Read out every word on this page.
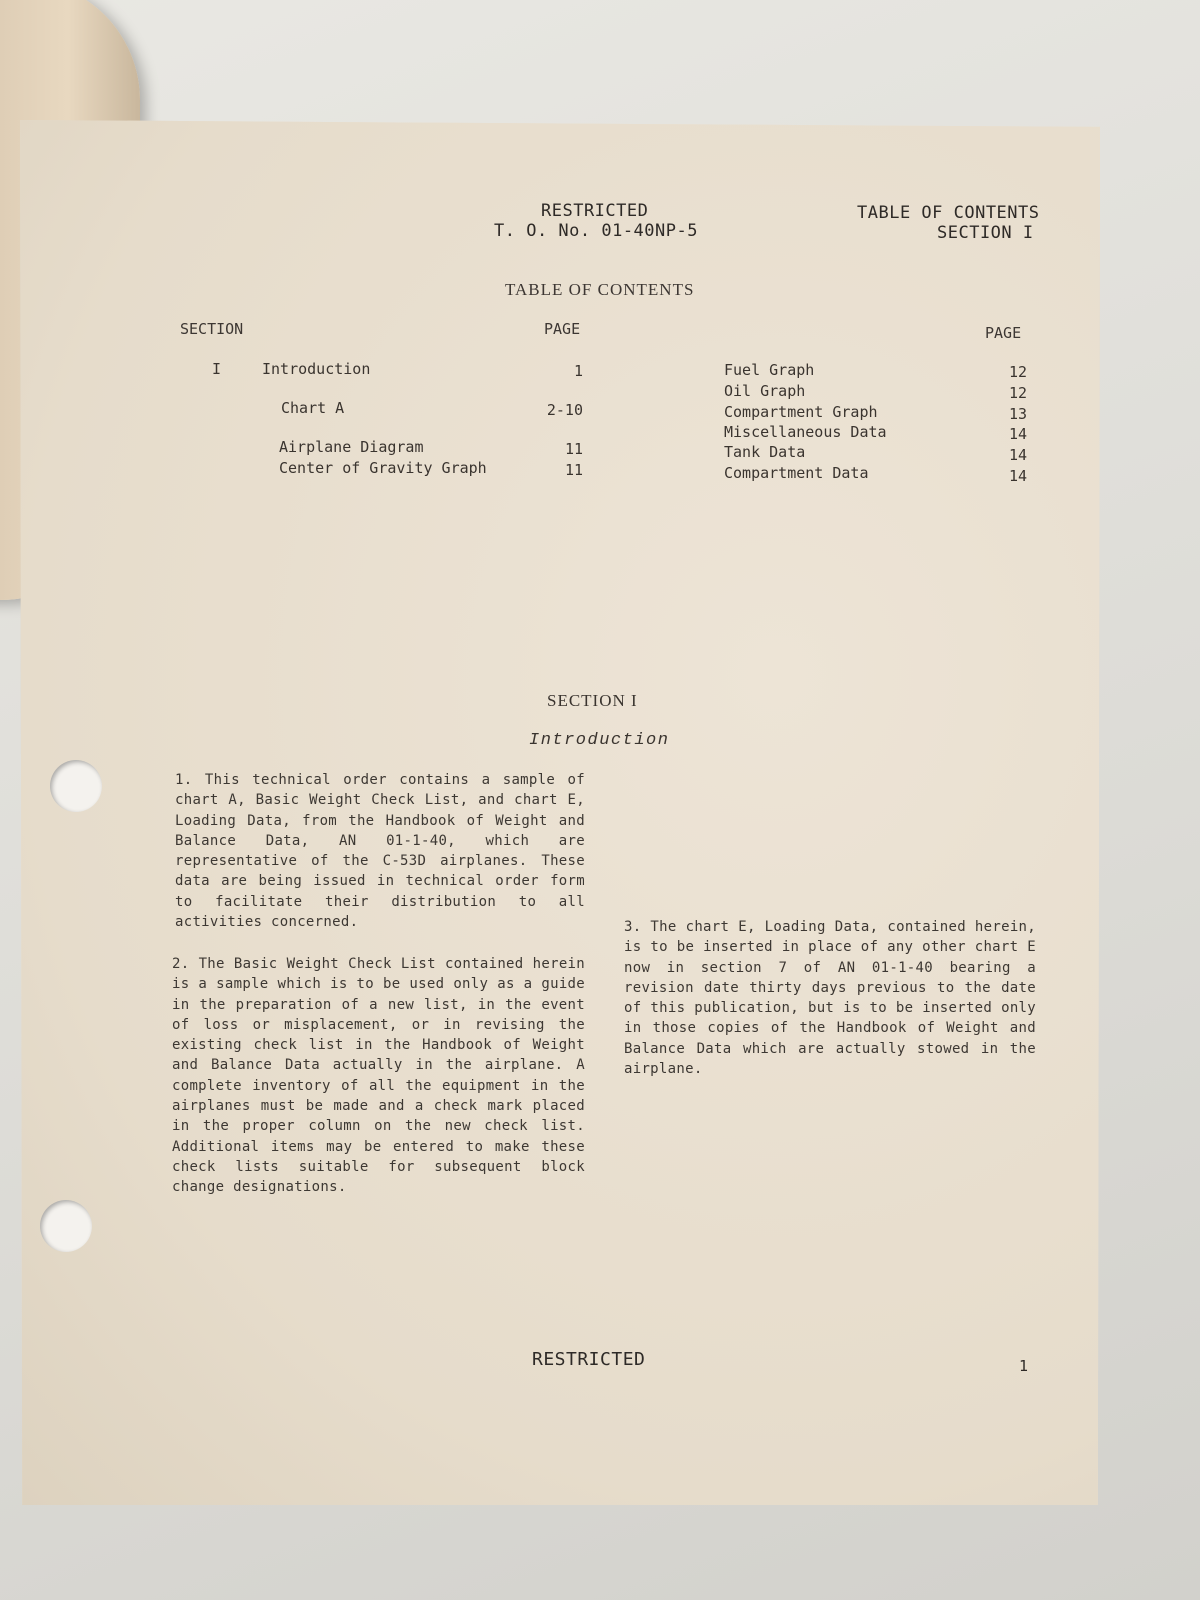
RESTRICTED
T. O. No. 01-40NP-5
TABLE OF CONTENTS
SECTION I
TABLE OF CONTENTS
SECTION	PAGE	PAGE
I	Introduction	1
Chart A	2-10
Airplane Diagram	11
Center of Gravity Graph	11
Fuel Graph	12
Oil Graph	12
Compartment Graph	13
Miscellaneous Data	14
Tank Data	14
Compartment Data	14
SECTION I
Introduction
1. This technical order contains a sample of chart A, Basic Weight Check List, and chart E, Loading Data, from the Handbook of Weight and Balance Data, AN 01-1-40, which are representative of the C-53D airplanes. These data are being issued in technical order form to facilitate their distribution to all activities concerned.
2. The Basic Weight Check List contained herein is a sample which is to be used only as a guide in the preparation of a new list, in the event of loss or misplacement, or in revising the existing check list in the Handbook of Weight and Balance Data actually in the airplane. A complete inventory of all the equipment in the airplanes must be made and a check mark placed in the proper column on the new check list. Additional items may be entered to make these check lists suitable for subsequent block change designations.
3. The chart E, Loading Data, contained herein, is to be inserted in place of any other chart E now in section 7 of AN 01-1-40 bearing a revision date thirty days previous to the date of this publication, but is to be inserted only in those copies of the Handbook of Weight and Balance Data which are actually stowed in the airplane.
RESTRICTED	1
